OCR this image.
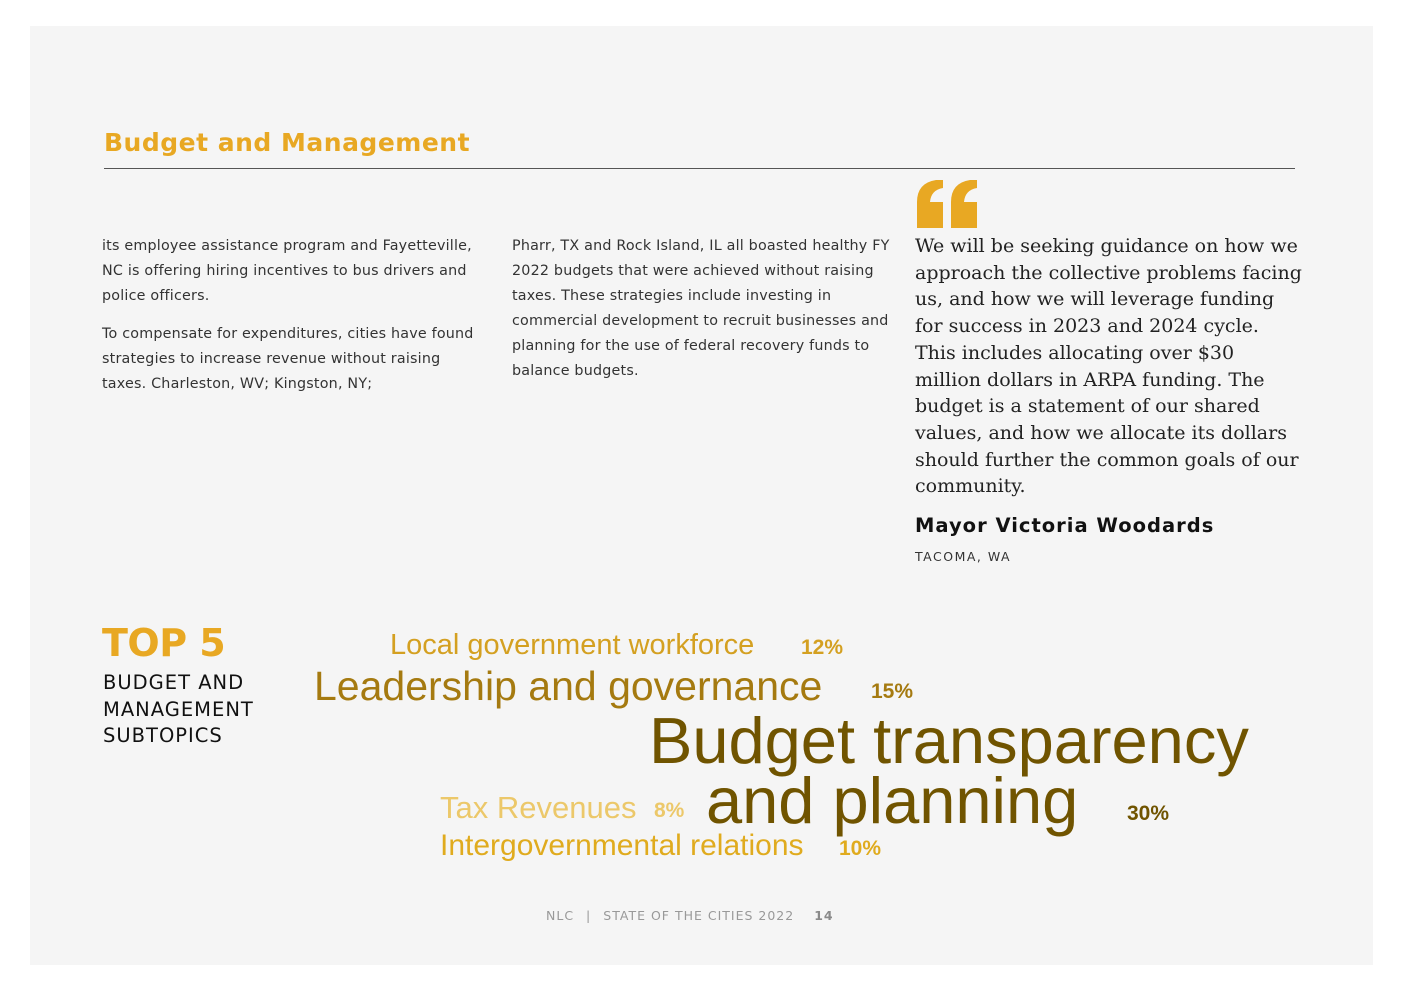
Budget and Management

its employee assistance program and Fayetteville, NC is offering hiring incentives to bus drivers and police officers.

To compensate for expenditures, cities have found strategies to increase revenue without raising taxes. Charleston, WV; Kingston, NY;

Pharr, TX and Rock Island, IL all boasted healthy FY 2022 budgets that were achieved without raising taxes. These strategies include investing in commercial development to recruit businesses and planning for the use of federal recovery funds to balance budgets.

We will be seeking guidance on how we approach the collective problems facing us, and how we will leverage funding for success in 2023 and 2024 cycle. This includes allocating over $30 million dollars in ARPA funding. The budget is a statement of our shared values, and how we allocate its dollars should further the common goals of our community.

Mayor Victoria Woodards
TACOMA, WA
TOP 5
BUDGET AND MANAGEMENT SUBTOPICS
Local government workforce 12%
Leadership and governance 15%
Budget transparency
and planning 30%
Tax Revenues 8%
Intergovernmental relations 10%
NLC | STATE OF THE CITIES 2022 14
